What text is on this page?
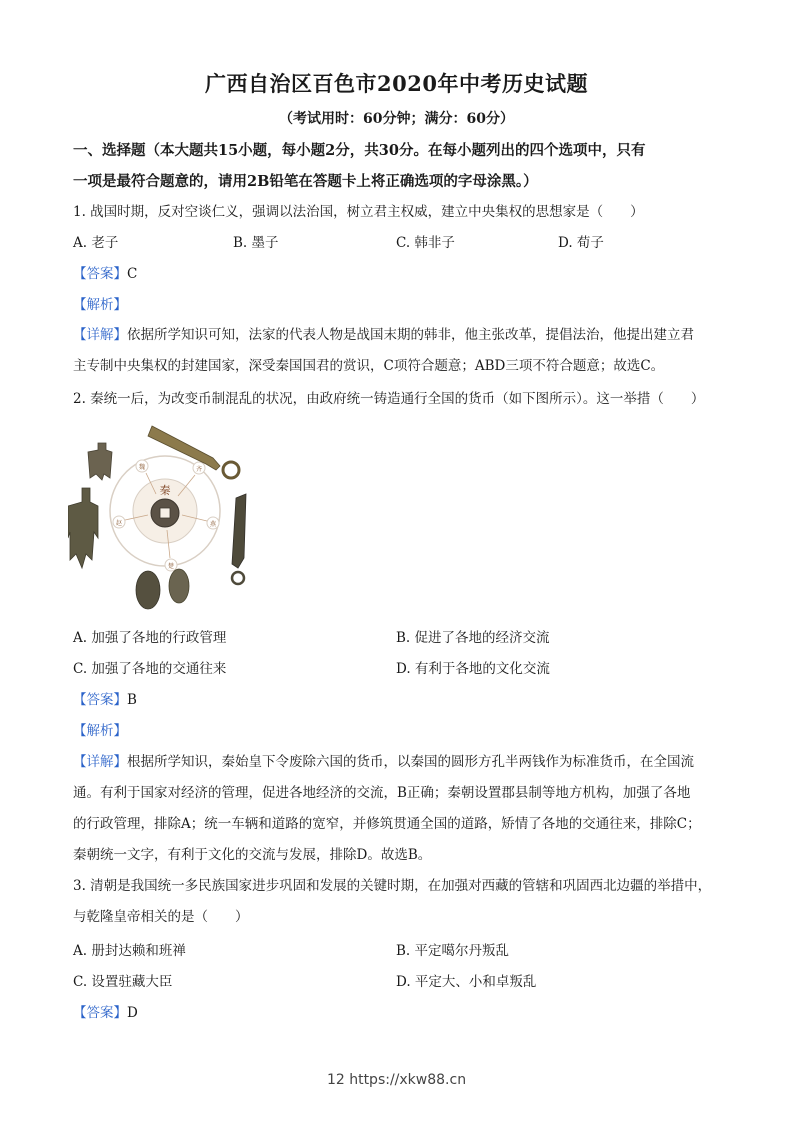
广西自治区百色市2020年中考历史试题
（考试用时：60分钟；满分：60分）
一、选择题（本大题共15小题，每小题2分，共30分。在每小题列出的四个选项中，只有
一项是最符合题意的，请用2B铅笔在答题卡上将正确选项的字母涂黑。）
1. 战国时期，反对空谈仁义，强调以法治国，树立君主权威，建立中央集权的思想家是（　　）
A. 老子	B. 墨子	C. 韩非子	D. 荀子
【答案】C
【解析】
【详解】依据所学知识可知，法家的代表人物是战国末期的韩非，他主张改革，提倡法治，他提出建立君
主专制中央集权的封建国家，深受秦国国君的赏识，C项符合题意；ABD三项不符合题意；故选C。
2. 秦统一后，为改变币制混乱的状况，由政府统一铸造通行全国的货币（如下图所示）。这一举措（　　）
秦
魏	齐
燕
楚
赵
A. 加强了各地的行政管理	B. 促进了各地的经济交流
C. 加强了各地的交通往来	D. 有利于各地的文化交流
【答案】B
【解析】
【详解】根据所学知识，秦始皇下令废除六国的货币，以秦国的圆形方孔半两钱作为标准货币，在全国流
通。有利于国家对经济的管理，促进各地经济的交流，B正确；秦朝设置郡县制等地方机构，加强了各地
的行政管理，排除A；统一车辆和道路的宽窄，并修筑贯通全国的道路，矫情了各地的交通往来，排除C；
秦朝统一文字，有利于文化的交流与发展，排除D。故选B。
3. 清朝是我国统一多民族国家进步巩固和发展的关键时期，在加强对西藏的管辖和巩固西北边疆的举措中，
与乾隆皇帝相关的是（　　）
A. 册封达赖和班禅	B. 平定噶尔丹叛乱
C. 设置驻藏大臣	D. 平定大、小和卓叛乱
【答案】D
12 https://xkw88.cn
